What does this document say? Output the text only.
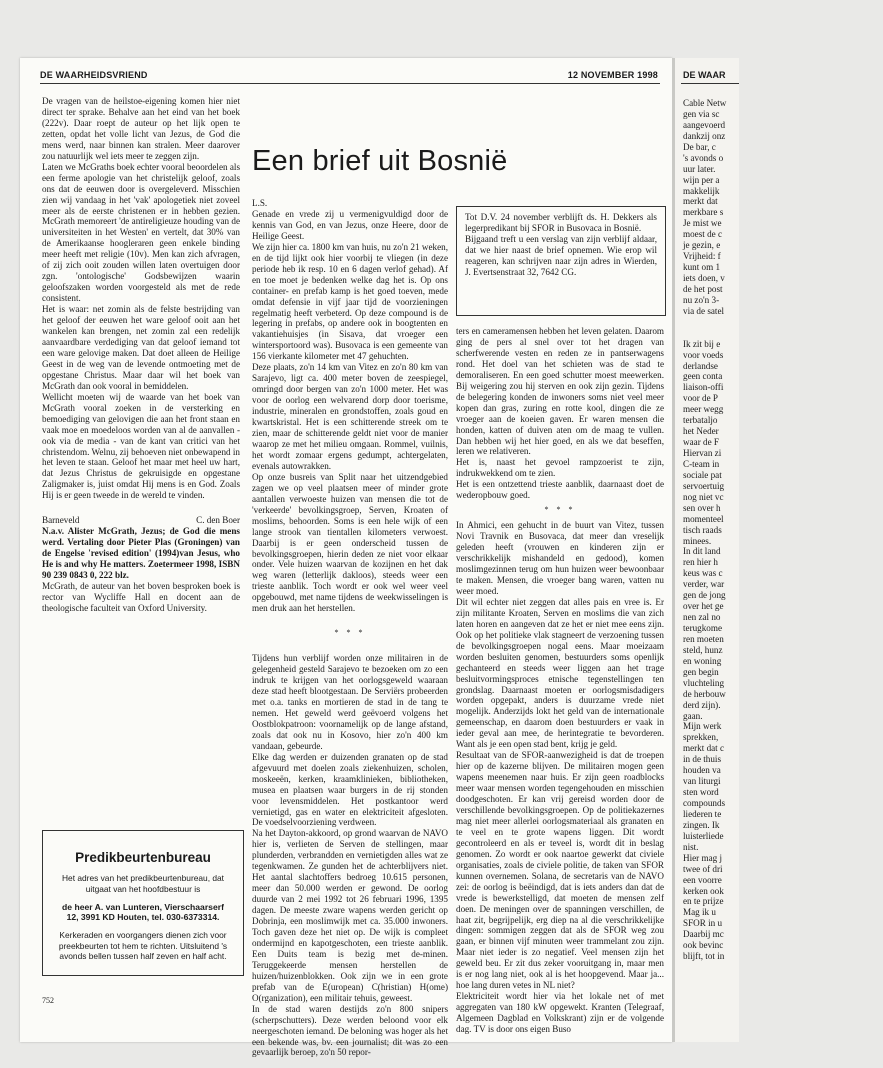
DE WAARHEIDSVRIEND	12 NOVEMBER 1998

De vragen van de heilstoe-eigening komen hier niet direct ter sprake. Behalve aan het eind van het boek (222v). Daar roept de auteur op het lijk open te zetten, opdat het volle licht van Jezus, de God die mens werd, naar binnen kan stralen. Meer daarover zou natuurlijk wel iets meer te zeggen zijn.

Laten we McGraths boek echter vooral beoordelen als een ferme apologie van het christelijk geloof, zoals ons dat de eeuwen door is overgeleverd. Misschien zien wij vandaag in het 'vak' apologetiek niet zoveel meer als de eerste christenen er in hebben gezien. McGrath memoreert 'de antireligieuze houding van de universiteiten in het Westen' en vertelt, dat 30% van de Amerikaanse hoogleraren geen enkele binding meer heeft met religie (10v). Men kan zich afvragen, of zij zich ooit zouden willen laten overtuigen door zgn. 'ontologische' Godsbewijzen waarin geloofszaken worden voorgesteld als met de rede consistent.

Het is waar: net zomin als de felste bestrijding van het geloof der eeuwen het ware geloof ooit aan het wankelen kan brengen, net zomin zal een redelijk aanvaardbare verdediging van dat geloof iemand tot een ware gelovige maken. Dat doet alleen de Heilige Geest in de weg van de levende ontmoeting met de opgestane Christus. Maar daar wil het boek van McGrath dan ook vooral in bemiddelen.

Wellicht moeten wij de waarde van het boek van McGrath vooral zoeken in de versterking en bemoediging van gelovigen die aan het front staan en vaak moe en moedeloos worden van al de aanvallen - ook via de media - van de kant van critici van het christendom. Welnu, zij behoeven niet onbewapend in het leven te staan. Geloof het maar met heel uw hart, dat Jezus Christus de gekruisigde en opgestane Zaligmaker is, juist omdat Hij mens is en God. Zoals Hij is er geen tweede in de wereld te vinden.

Barneveld	C. den Boer

N.a.v. Alister McGrath, Jezus; de God die mens werd. Vertaling door Pieter Plas (Groningen) van de Engelse 'revised edition' (1994)van Jesus, who He is and why He matters. Zoetermeer 1998, ISBN 90 239 0843 0, 222 blz.

McGrath, de auteur van het boven besproken boek is rector van Wycliffe Hall en docent aan de theologische faculteit van Oxford University.

Predikbeurtenbureau
Het adres van het predikbeurtenbureau, dat uitgaat van het hoofdbestuur is
de heer A. van Lunteren, Vierschaarserf 12, 3991 KD Houten, tel. 030-6373314.
Kerkeraden en voorgangers dienen zich voor preekbeurten tot hem te richten. Uitsluitend 's avonds bellen tussen half zeven en half acht.
752
Een brief uit Bosnië

L.S.

Genade en vrede zij u vermenigvuldigd door de kennis van God, en van Jezus, onze Heere, door de Heilige Geest.

We zijn hier ca. 1800 km van huis, nu zo'n 21 weken, en de tijd lijkt ook hier voorbij te vliegen (in deze periode heb ik resp. 10 en 6 dagen verlof gehad). Af en toe moet je bedenken welke dag het is. Op ons container- en prefab kamp is het goed toeven, mede omdat defensie in vijf jaar tijd de voorzieningen regelmatig heeft verbeterd. Op deze compound is de legering in prefabs, op andere ook in boogtenten en vakantiehuisjes (in Sisava, dat vroeger een wintersportoord was). Busovaca is een gemeente van 156 vierkante kilometer met 47 gehuchten.

Deze plaats, zo'n 14 km van Vitez en zo'n 80 km van Sarajevo, ligt ca. 400 meter boven de zeespiegel, omringd door bergen van zo'n 1000 meter. Het was voor de oorlog een welvarend dorp door toerisme, industrie, mineralen en grondstoffen, zoals goud en kwartskristal. Het is een schitterende streek om te zien, maar de schitterende geldt niet voor de manier waarop ze met het milieu omgaan. Rommel, vuilnis, het wordt zomaar ergens gedumpt, achtergelaten, evenals autowrakken.

Op onze busreis van Split naar het uitzendgebied zagen we op veel plaatsen meer of minder grote aantallen verwoeste huizen van mensen die tot de 'verkeerde' bevolkingsgroep, Serven, Kroaten of moslims, behoorden. Soms is een hele wijk of een lange strook van tientallen kilometers verwoest. Daarbij is er geen onderscheid tussen de bevolkingsgroepen, hierin deden ze niet voor elkaar onder. Vele huizen waarvan de kozijnen en het dak weg waren (letterlijk dakloos), steeds weer een trieste aanblik. Toch wordt er ook wel weer veel opgebouwd, met name tijdens de weekwisselingen is men druk aan het herstellen.

* * *

Tijdens hun verblijf worden onze militairen in de gelegenheid gesteld Sarajevo te bezoeken om zo een indruk te krijgen van het oorlogsgeweld waaraan deze stad heeft blootgestaan. De Serviërs probeerden met o.a. tanks en mortieren de stad in de tang te nemen. Het geweld werd geëvoerd volgens het Oostblokpatroon: voornamelijk op de lange afstand, zoals dat ook nu in Kosovo, hier zo'n 400 km vandaan, gebeurde.

Elke dag werden er duizenden granaten op de stad afgevuurd met doelen zoals ziekenhuizen, scholen, moskeeën, kerken, kraamklinieken, bibliotheken, musea en plaatsen waar burgers in de rij stonden voor levensmiddelen. Het postkantoor werd vernietigd, gas en water en elektriciteit afgesloten. De voedselvoorziening verdween.

Na het Dayton-akkoord, op grond waarvan de NAVO hier is, verlieten de Serven de stellingen, maar plunderden, verbrandden en vernietigden alles wat ze tegenkwamen. Ze gunden het de achterblijvers niet. Het aantal slachtoffers bedroeg 10.615 personen, meer dan 50.000 werden er gewond. De oorlog duurde van 2 mei 1992 tot 26 februari 1996, 1395 dagen. De meeste zware wapens werden gericht op Dobrinja, een moslimwijk met ca. 35.000 inwoners. Toch gaven deze het niet op. De wijk is compleet ondermijnd en kapotgeschoten, een trieste aanblik. Een Duits team is bezig met de-minen. Teruggekeerde mensen herstellen de huizen/huizenblokken. Ook zijn we in een grote prefab van de E(uropean) C(hristian) H(ome) O(rganization), een militair tehuis, geweest.

In de stad waren destijds zo'n 800 snipers (scherpschutters). Deze werden beloond voor elk neergeschoten iemand. De beloning was hoger als het een bekende was, bv. een journalist; dit was zo een gevaarlijk beroep, zo'n 50 repor-

Tot D.V. 24 november verblijft ds. H. Dekkers als legerpredikant bij SFOR in Busovaca in Bosnië.

Bijgaand treft u een verslag van zijn verblijf aldaar, dat we hier naast de brief opnemen. Wie erop wil reageren, kan schrijven naar zijn adres in Wierden, J. Evertsenstraat 32, 7642 CG.

ters en cameramensen hebben het leven gelaten. Daarom ging de pers al snel over tot het dragen van scherfwerende vesten en reden ze in pantserwagens rond. Het doel van het schieten was de stad te demoraliseren. En een goed schutter moest meewerken. Bij weigering zou hij sterven en ook zijn gezin. Tijdens de belegering konden de inwoners soms niet veel meer kopen dan gras, zuring en rotte kool, dingen die ze vroeger aan de koeien gaven. Er waren mensen die honden, katten of duiven aten om de maag te vullen. Dan hebben wij het hier goed, en als we dat beseffen, leren we relativeren.

Het is, naast het gevoel rampzoerist te zijn, indrukwekkend om te zien.

Het is een ontzettend trieste aanblik, daarnaast doet de wederopbouw goed.

* * *

In Ahmici, een gehucht in de buurt van Vitez, tussen Novi Travnik en Busovaca, dat meer dan vreselijk geleden heeft (vrouwen en kinderen zijn er verschrikkelijk mishandeld en gedood), komen moslimgezinnen terug om hun huizen weer bewoonbaar te maken. Mensen, die vroeger bang waren, vatten nu weer moed.

Dit wil echter niet zeggen dat alles pais en vree is. Er zijn militante Kroaten, Serven en moslims die van zich laten horen en aangeven dat ze het er niet mee eens zijn. Ook op het politieke vlak stagneert de verzoening tussen de bevolkingsgroepen nogal eens. Maar moeizaam worden besluiten genomen, bestuurders soms openlijk gechanteerd en steeds weer liggen aan het trage besluitvormingsproces etnische tegenstellingen ten grondslag. Daarnaast moeten er oorlogsmisdadigers worden opgepakt, anders is duurzame vrede niet mogelijk. Anderzijds lokt het geld van de internationale gemeenschap, en daarom doen bestuurders er vaak in ieder geval aan mee, de herintegratie te bevorderen. Want als je een open stad bent, krijg je geld.

Resultaat van de SFOR-aanwezigheid is dat de troepen hier op de kazerne blijven. De militairen mogen geen wapens meenemen naar huis. Er zijn geen roadblocks meer waar mensen worden tegengehouden en misschien doodgeschoten. Er kan vrij gereisd worden door de verschillende bevolkingsgroepen. Op de politiekazernes mag niet meer allerlei oorlogsmateriaal als granaten en te veel en te grote wapens liggen. Dit wordt gecontroleerd en als er teveel is, wordt dit in beslag genomen. Zo wordt er ook naartoe gewerkt dat civiele organisaties, zoals de civiele politie, de taken van SFOR kunnen overnemen. Solana, de secretaris van de NAVO zei: de oorlog is beëindigd, dat is iets anders dan dat de vrede is bewerkstelligd, dat moeten de mensen zelf doen. De meningen over de spanningen verschillen, de haat zit, begrijpelijk, erg diep na al die verschrikkelijke dingen: sommigen zeggen dat als de SFOR weg zou gaan, er binnen vijf minuten weer trammelant zou zijn. Maar niet ieder is zo negatief. Veel mensen zijn het geweld beu. Er zit dus zeker vooruitgang in, maar men is er nog lang niet, ook al is het hoopgevend. Maar ja... hoe lang duren vetes in NL niet?

Elektriciteit wordt hier via het lokale net of met aggregaten van 180 kW opgewekt. Kranten (Telegraaf, Algemeen Dagblad en Volkskrant) zijn er de volgende dag. TV is door ons eigen Buso

DE WAAR
Cable Netw
gen via sc
aangevoerd
dankzij onz
De bar, c
's avonds o
uur later.
wijn per a
makkelijk
merkt dat
merkbare s
Je mist we
moest de c
je gezin, e
Vrijheid: f
kunt om 1
iets doen, v
de het post
nu zo'n 3-
via de satel
Ik zit bij e
voor voeds
derlandse
geen conta
liaison-offi
voor de P
meer wegg
terbataljo
het Neder
waar de F
Hiervan zi
C-team in
sociale pat
servoertuig
nog niet vc
sen over h
momenteel
tisch raads
minees.
In dit land
ren hier h
keus was c
verder, war
gen de jong
over het ge
nen zal no
terugkome
ren moeten
steld, hunz
en woning
gen begin
vluchteling
de herbouw
derd zijn).
gaan.
Mijn werk
sprekken,
merkt dat c
in de thuis
houden va
van liturgi
sten word
compounds
liederen te
zingen. Ik
luisterliede
nist.
Hier mag j
twee of dri
een voorre
kerken ook
en te prijze
Mag ik u
SFOR in u
Daarbij mc
ook bevinc
blijft, tot in
